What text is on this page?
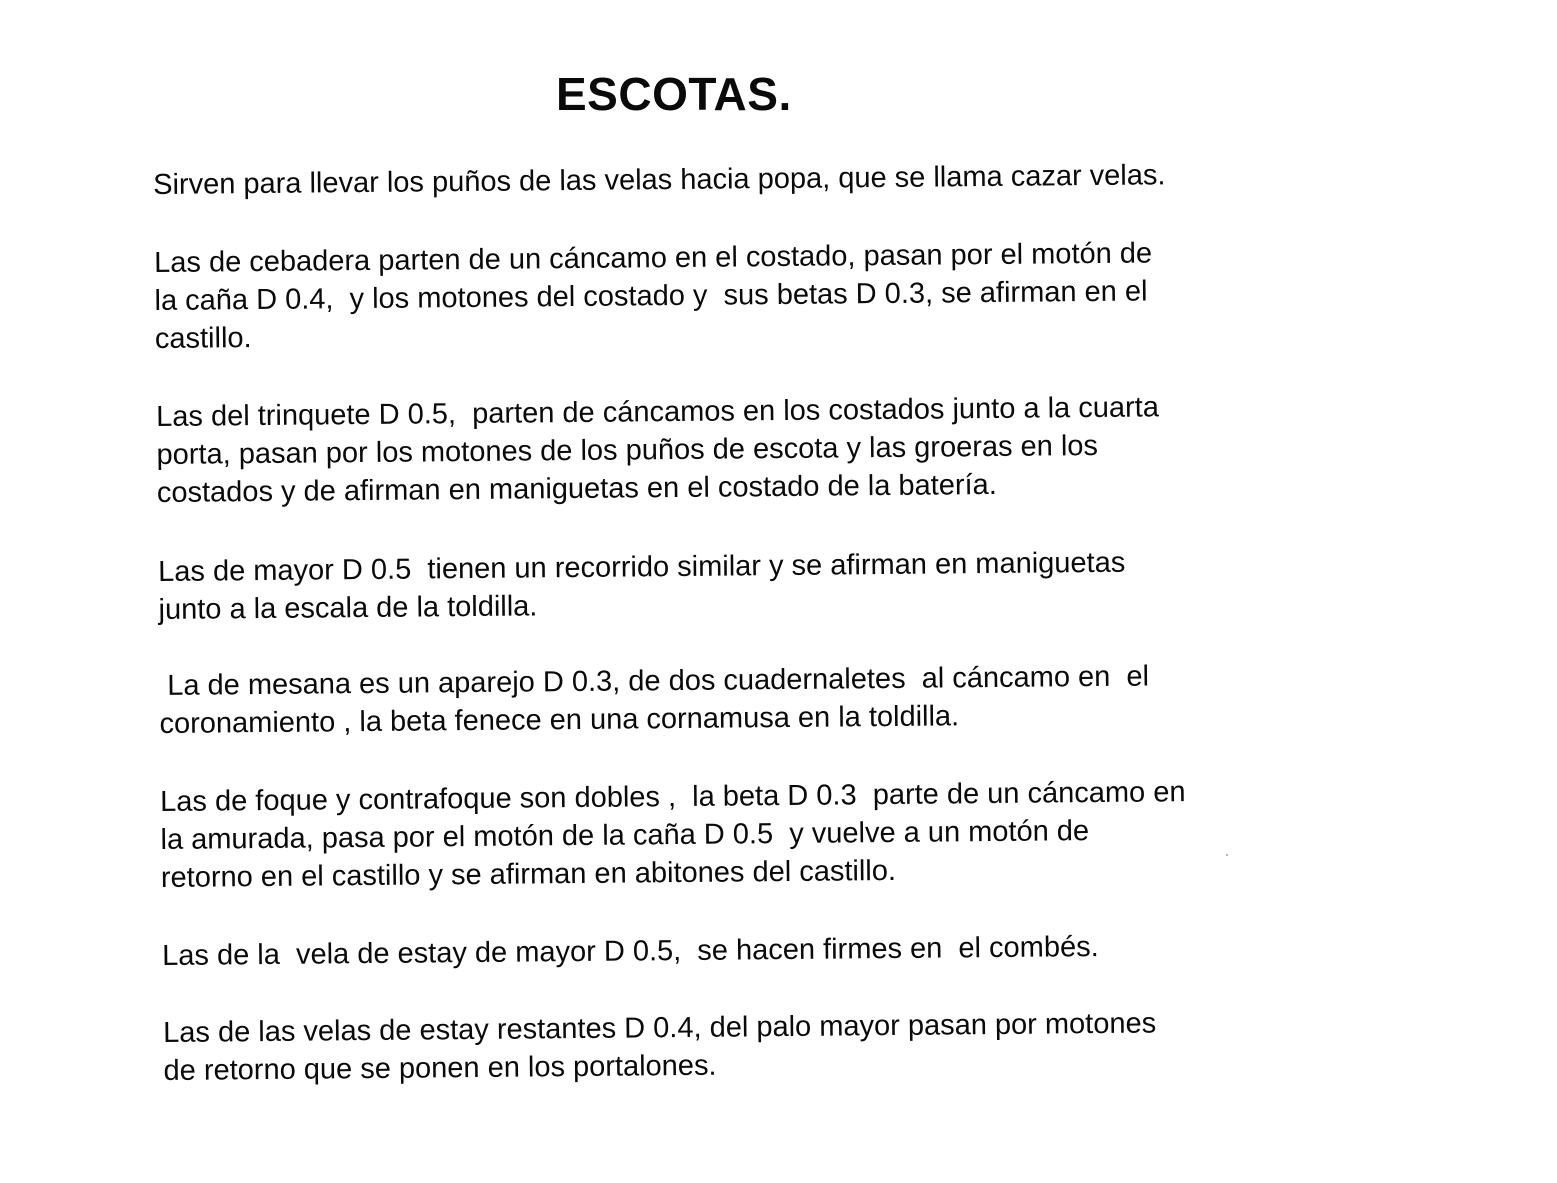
ESCOTAS.

Sirven para llevar los puños de las velas hacia popa, que se llama cazar velas.

Las de cebadera parten de un cáncamo en el costado, pasan por el motón de
la caña D 0.4,  y los motones del costado y  sus betas D 0.3, se afirman en el
castillo.

Las del trinquete D 0.5,  parten de cáncamos en los costados junto a la cuarta
porta, pasan por los motones de los puños de escota y las groeras en los
costados y de afirman en maniguetas en el costado de la batería.

Las de mayor D 0.5  tienen un recorrido similar y se afirman en maniguetas
junto a la escala de la toldilla.

La de mesana es un aparejo D 0.3, de dos cuadernaletes  al cáncamo en  el
coronamiento , la beta fenece en una cornamusa en la toldilla.

Las de foque y contrafoque son dobles ,  la beta D 0.3  parte de un cáncamo en
la amurada, pasa por el motón de la caña D 0.5  y vuelve a un motón de
retorno en el castillo y se afirman en abitones del castillo.

Las de la  vela de estay de mayor D 0.5,  se hacen firmes en  el combés.

Las de las velas de estay restantes D 0.4, del palo mayor pasan por motones
de retorno que se ponen en los portalones.
